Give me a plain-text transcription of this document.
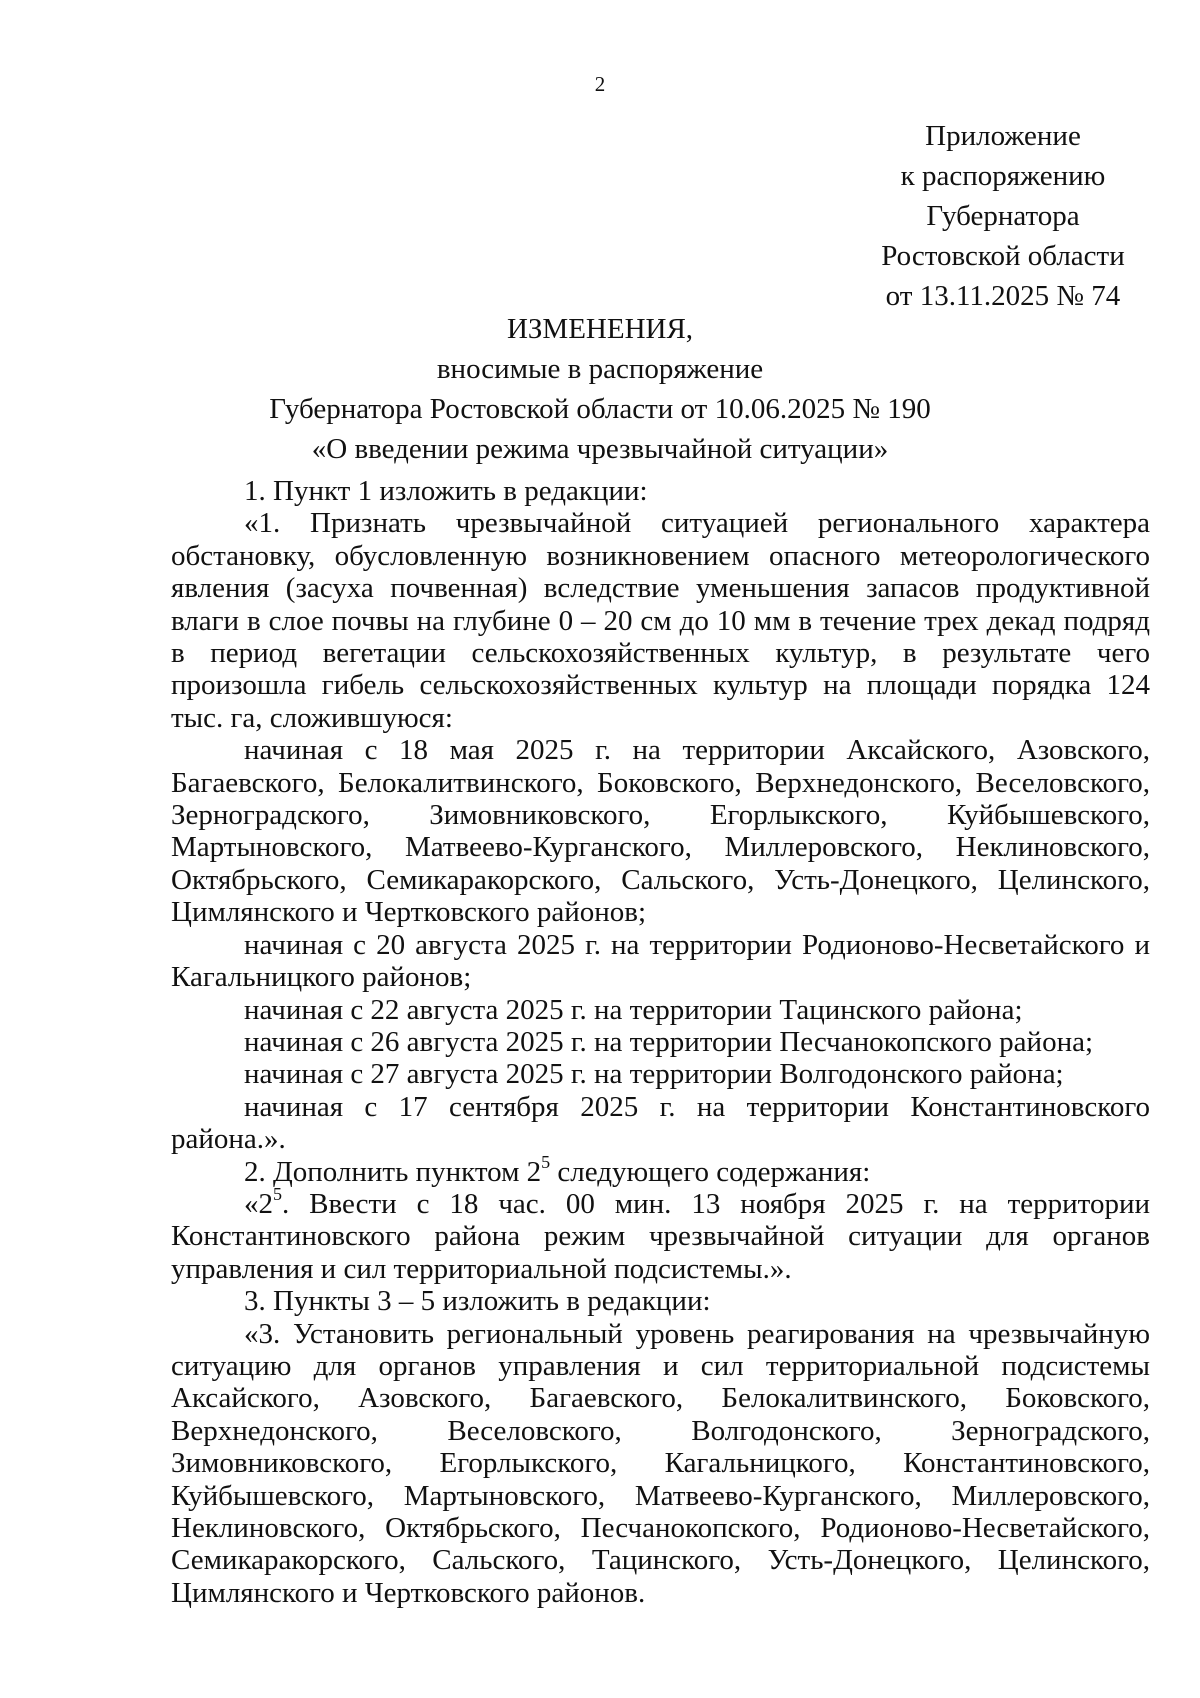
2
Приложение
к распоряжению
Губернатора
Ростовской области
от 13.11.2025 № 74
ИЗМЕНЕНИЯ,
вносимые в распоряжение
Губернатора Ростовской области от 10.06.2025 № 190
«О введении режима чрезвычайной ситуации»

1. Пункт 1 изложить в редакции:

«1. Признать чрезвычайной ситуацией регионального характера обстановку, обусловленную возникновением опасного метеорологического явления (засуха почвенная) вследствие уменьшения запасов продуктивной влаги в слое почвы на глубине 0 – 20 см до 10 мм в течение трех декад подряд в период вегетации сельскохозяйственных культур, в результате чего произошла гибель сельскохозяйственных культур на площади порядка 124 тыс. га, сложившуюся:

начиная с 18 мая 2025 г. на территории Аксайского, Азовского, Багаевского, Белокалитвинского, Боковского, Верхнедонского, Веселовского, Зерноградского, Зимовниковского, Егорлыкского, Куйбышевского, Мартыновского, Матвеево-Курганского, Миллеровского, Неклиновского, Октябрьского, Семикаракорского, Сальского, Усть-Донецкого, Целинского, Цимлянского и Чертковского районов;

начиная с 20 августа 2025 г. на территории Родионово-Несветайского и Кагальницкого районов;

начиная с 22 августа 2025 г. на территории Тацинского района;

начиная с 26 августа 2025 г. на территории Песчанокопского района;

начиная с 27 августа 2025 г. на территории Волгодонского района;

начиная с 17 сентября 2025 г. на территории Константиновского района.».

2. Дополнить пунктом $2^5$ следующего содержания:

«$2^5$. Ввести с 18 час. 00 мин. 13 ноября 2025 г. на территории Константиновского района режим чрезвычайной ситуации для органов управления и сил территориальной подсистемы.».

3. Пункты 3 – 5 изложить в редакции:

«3. Установить региональный уровень реагирования на чрезвычайную ситуацию для органов управления и сил территориальной подсистемы Аксайского, Азовского, Багаевского, Белокалитвинского, Боковского, Верхнедонского, Веселовского, Волгодонского, Зерноградского, Зимовниковского, Егорлыкского, Кагальницкого, Константиновского, Куйбышевского, Мартыновского, Матвеево-Курганского, Миллеровского, Неклиновского, Октябрьского, Песчанокопского, Родионово-Несветайского, Семикаракорского, Сальского, Тацинского, Усть-Донецкого, Целинского, Цимлянского и Чертковского районов.
